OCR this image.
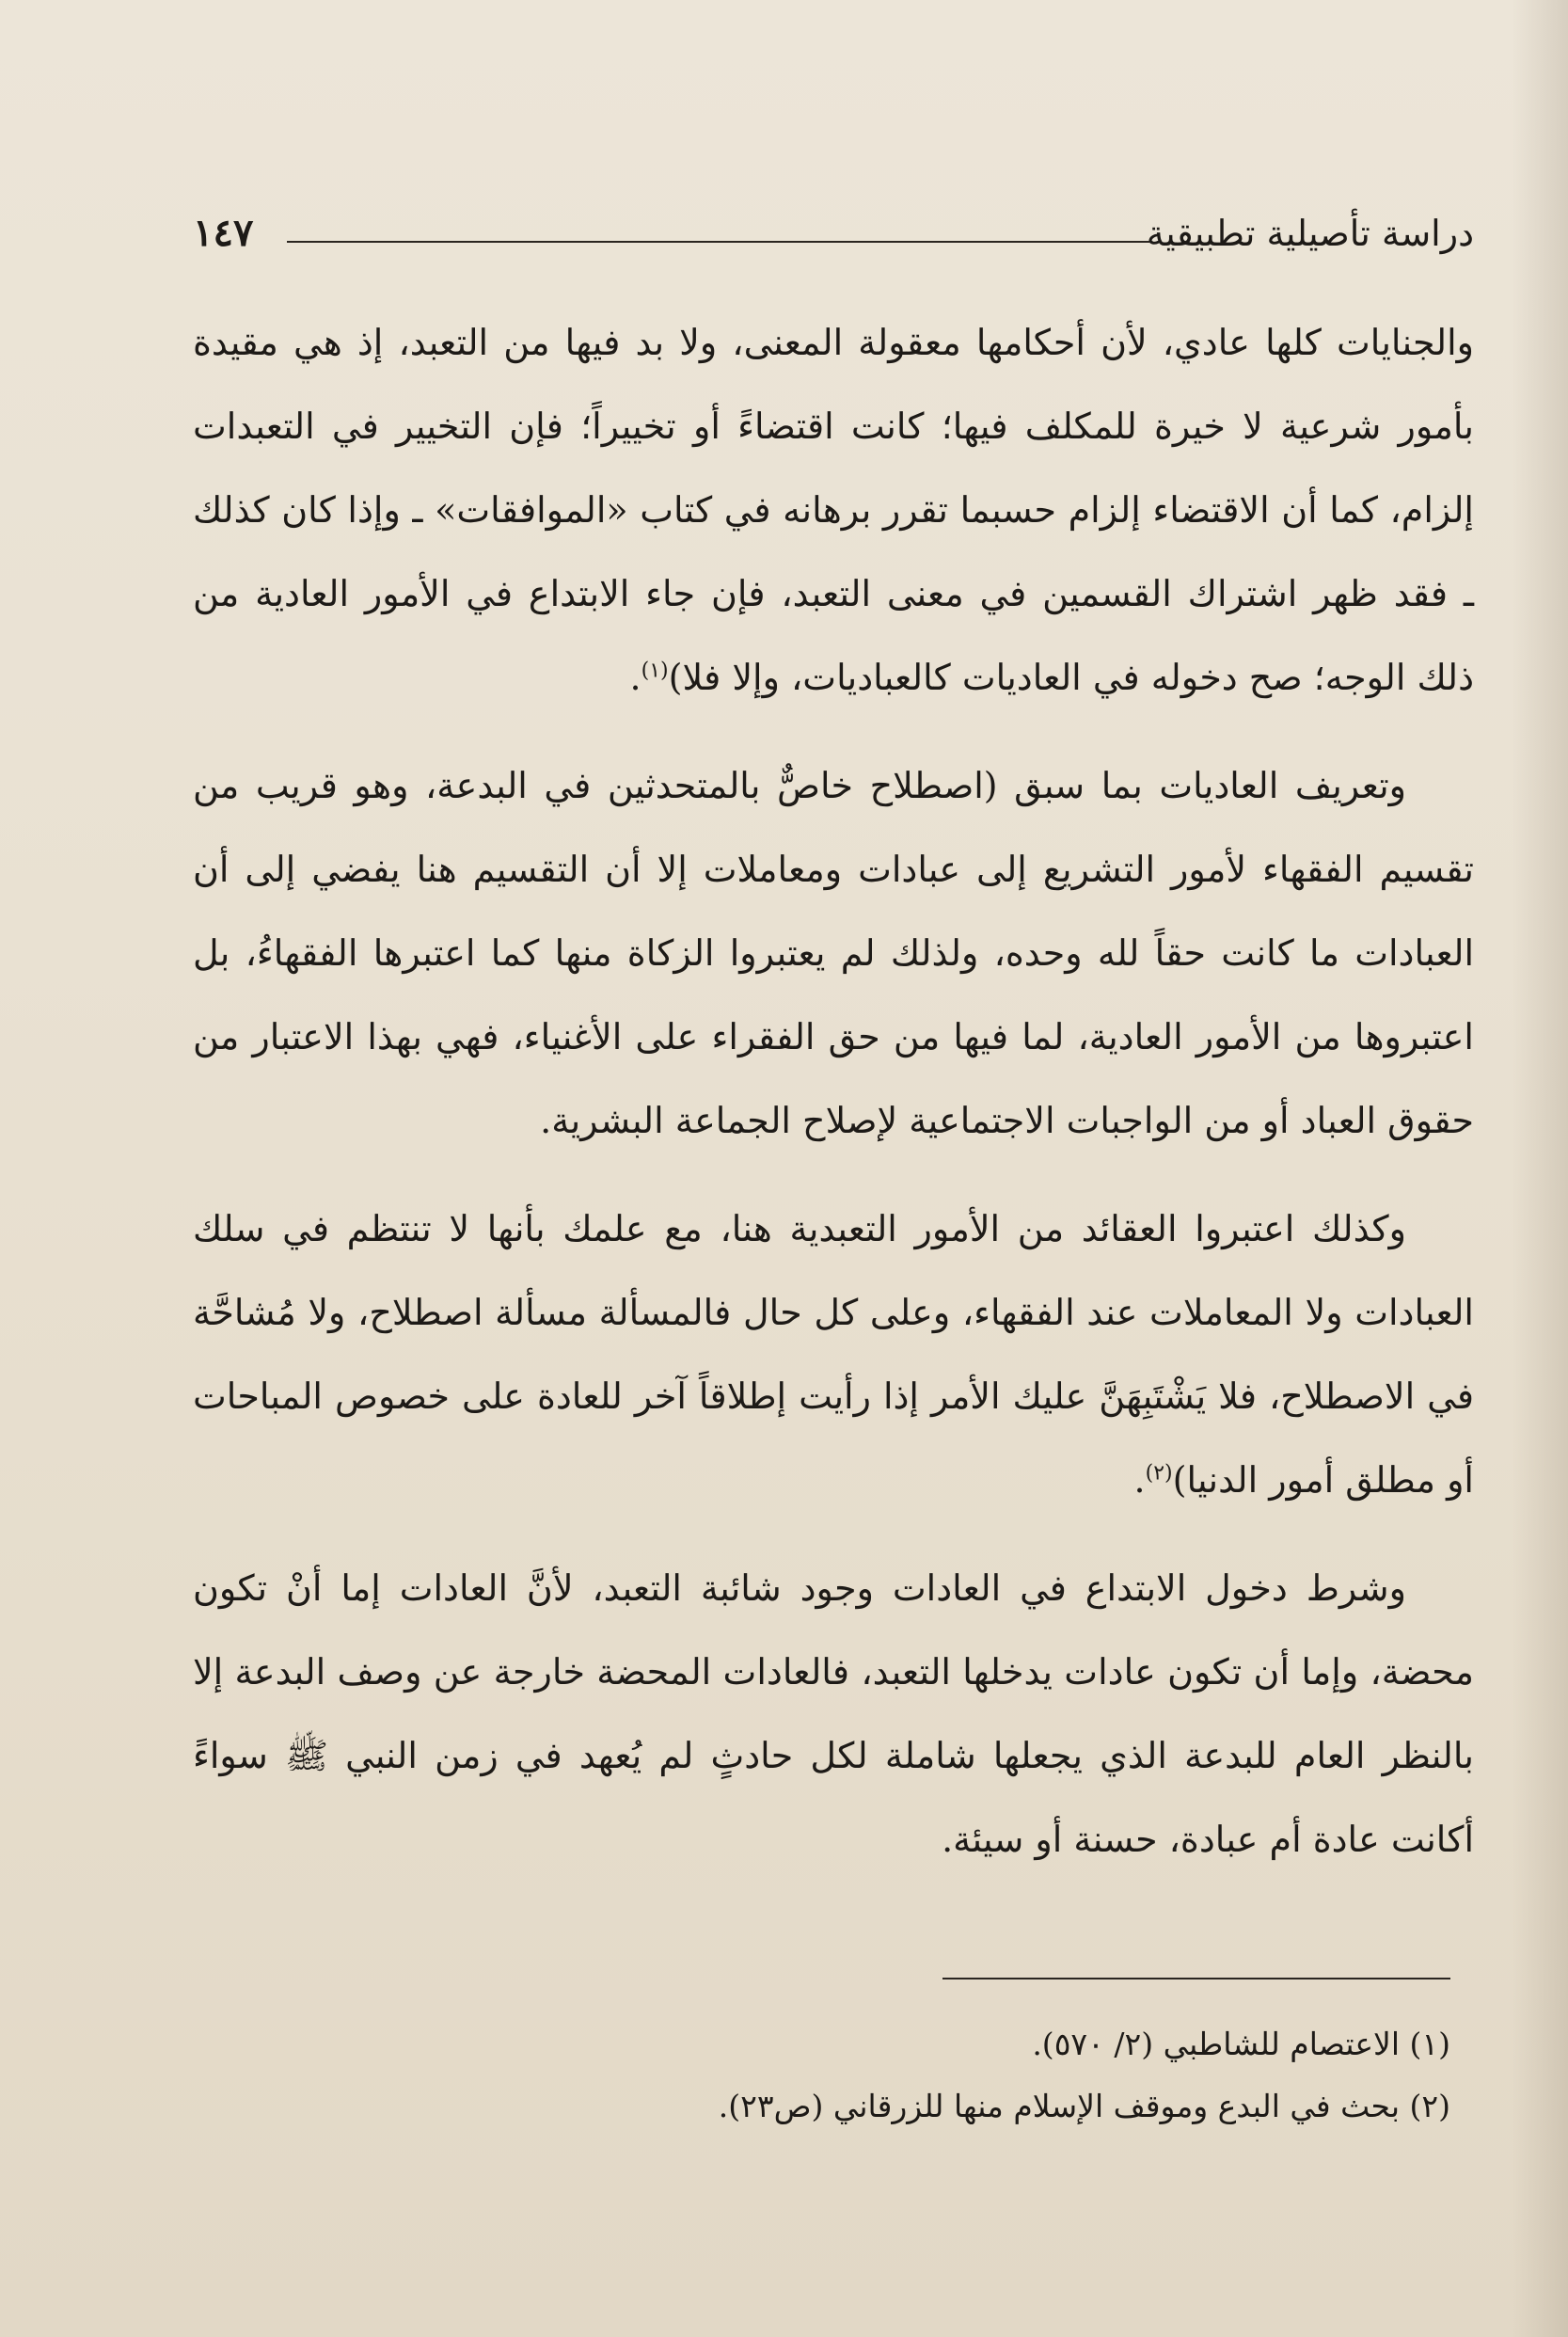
دراسة تأصيلية تطبيقية
١٤٧

والجنايات كلها عادي، لأن أحكامها معقولة المعنى، ولا بد فيها من التعبد، إذ هي مقيدة بأمور شرعية لا خيرة للمكلف فيها؛ كانت اقتضاءً أو تخييراً؛ فإن التخيير في التعبدات إلزام، كما أن الاقتضاء إلزام حسبما تقرر برهانه في كتاب «الموافقات» ـ وإذا كان كذلك ـ فقد ظهر اشتراك القسمين في معنى التعبد، فإن جاء الابتداع في الأمور العادية من ذلك الوجه؛ صح دخوله في العاديات كالعباديات، وإلا فلا)$^{(١)}$.

وتعريف العاديات بما سبق (اصطلاح خاصٌّ بالمتحدثين في البدعة، وهو قريب من تقسيم الفقهاء لأمور التشريع إلى عبادات ومعاملات إلا أن التقسيم هنا يفضي إلى أن العبادات ما كانت حقاً لله وحده، ولذلك لم يعتبروا الزكاة منها كما اعتبرها الفقهاءُ، بل اعتبروها من الأمور العادية، لما فيها من حق الفقراء على الأغنياء، فهي بهذا الاعتبار من حقوق العباد أو من الواجبات الاجتماعية لإصلاح الجماعة البشرية.

وكذلك اعتبروا العقائد من الأمور التعبدية هنا، مع علمك بأنها لا تنتظم في سلك العبادات ولا المعاملات عند الفقهاء، وعلى كل حال فالمسألة مسألة اصطلاح، ولا مُشاحَّة في الاصطلاح، فلا يَشْتَبِهَنَّ عليك الأمر إذا رأيت إطلاقاً آخر للعادة على خصوص المباحات أو مطلق أمور الدنيا)$^{(٢)}$.

وشرط دخول الابتداع في العادات وجود شائبة التعبد، لأنَّ العادات إما أنْ تكون محضة، وإما أن تكون عادات يدخلها التعبد، فالعادات المحضة خارجة عن وصف البدعة إلا بالنظر العام للبدعة الذي يجعلها شاملة لكل حادثٍ لم يُعهد في زمن النبي ﷺ سواءً أكانت عادة أم عبادة، حسنة أو سيئة.

(١) الاعتصام للشاطبي (٢/ ٥٧٠).

(٢) بحث في البدع وموقف الإسلام منها للزرقاني (ص٢٣).
